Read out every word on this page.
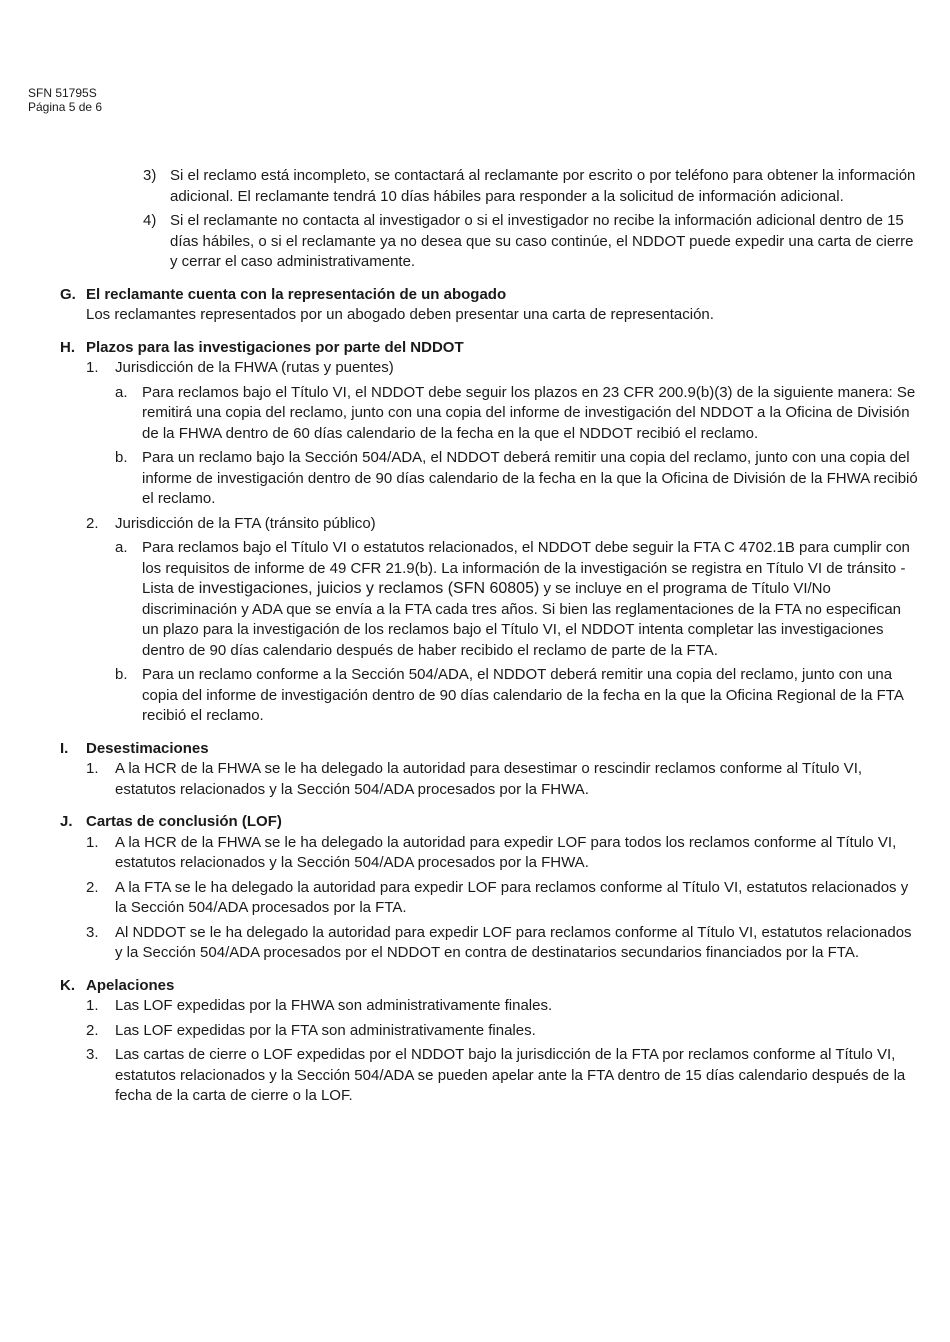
SFN 51795S
Página 5 de 6
3) Si el reclamo está incompleto, se contactará al reclamante por escrito o por teléfono para obtener la información adicional. El reclamante tendrá 10 días hábiles para responder a la solicitud de información adicional.
4) Si el reclamante no contacta al investigador o si el investigador no recibe la información adicional dentro de 15 días hábiles, o si el reclamante ya no desea que su caso continúe, el NDDOT puede expedir una carta de cierre y cerrar el caso administrativamente.
G. El reclamante cuenta con la representación de un abogado
Los reclamantes representados por un abogado deben presentar una carta de representación.
H. Plazos para las investigaciones por parte del NDDOT
1. Jurisdicción de la FHWA (rutas y puentes)
a. Para reclamos bajo el Título VI, el NDDOT debe seguir los plazos en 23 CFR 200.9(b)(3) de la siguiente manera: Se remitirá una copia del reclamo, junto con una copia del informe de investigación del NDDOT a la Oficina de División de la FHWA dentro de 60 días calendario de la fecha en la que el NDDOT recibió el reclamo.
b. Para un reclamo bajo la Sección 504/ADA, el NDDOT deberá remitir una copia del reclamo, junto con una copia del informe de investigación dentro de 90 días calendario de la fecha en la que la Oficina de División de la FHWA recibió el reclamo.
2. Jurisdicción de la FTA (tránsito público)
a. Para reclamos bajo el Título VI o estatutos relacionados, el NDDOT debe seguir la FTA C 4702.1B para cumplir con los requisitos de informe de 49 CFR 21.9(b). La información de la investigación se registra en Título VI de tránsito - Lista de investigaciones, juicios y reclamos (SFN 60805) y se incluye en el programa de Título VI/No discriminación y ADA que se envía a la FTA cada tres años. Si bien las reglamentaciones de la FTA no especifican un plazo para la investigación de los reclamos bajo el Título VI, el NDDOT intenta completar las investigaciones dentro de 90 días calendario después de haber recibido el reclamo de parte de la FTA.
b. Para un reclamo conforme a la Sección 504/ADA, el NDDOT deberá remitir una copia del reclamo, junto con una copia del informe de investigación dentro de 90 días calendario de la fecha en la que la Oficina Regional de la FTA recibió el reclamo.
I. Desestimaciones
1. A la HCR de la FHWA se le ha delegado la autoridad para desestimar o rescindir reclamos conforme al Título VI, estatutos relacionados y la Sección 504/ADA procesados por la FHWA.
J. Cartas de conclusión (LOF)
1. A la HCR de la FHWA se le ha delegado la autoridad para expedir LOF para todos los reclamos conforme al Título VI, estatutos relacionados y la Sección 504/ADA procesados por la FHWA.
2. A la FTA se le ha delegado la autoridad para expedir LOF para reclamos conforme al Título VI, estatutos relacionados y la Sección 504/ADA procesados por la FTA.
3. Al NDDOT se le ha delegado la autoridad para expedir LOF para reclamos conforme al Título VI, estatutos relacionados y la Sección 504/ADA procesados por el NDDOT en contra de destinatarios secundarios financiados por la FTA.
K. Apelaciones
1. Las LOF expedidas por la FHWA son administrativamente finales.
2. Las LOF expedidas por la FTA son administrativamente finales.
3. Las cartas de cierre o LOF expedidas por el NDDOT bajo la jurisdicción de la FTA por reclamos conforme al Título VI, estatutos relacionados y la Sección 504/ADA se pueden apelar ante la FTA dentro de 15 días calendario después de la fecha de la carta de cierre o la LOF.
